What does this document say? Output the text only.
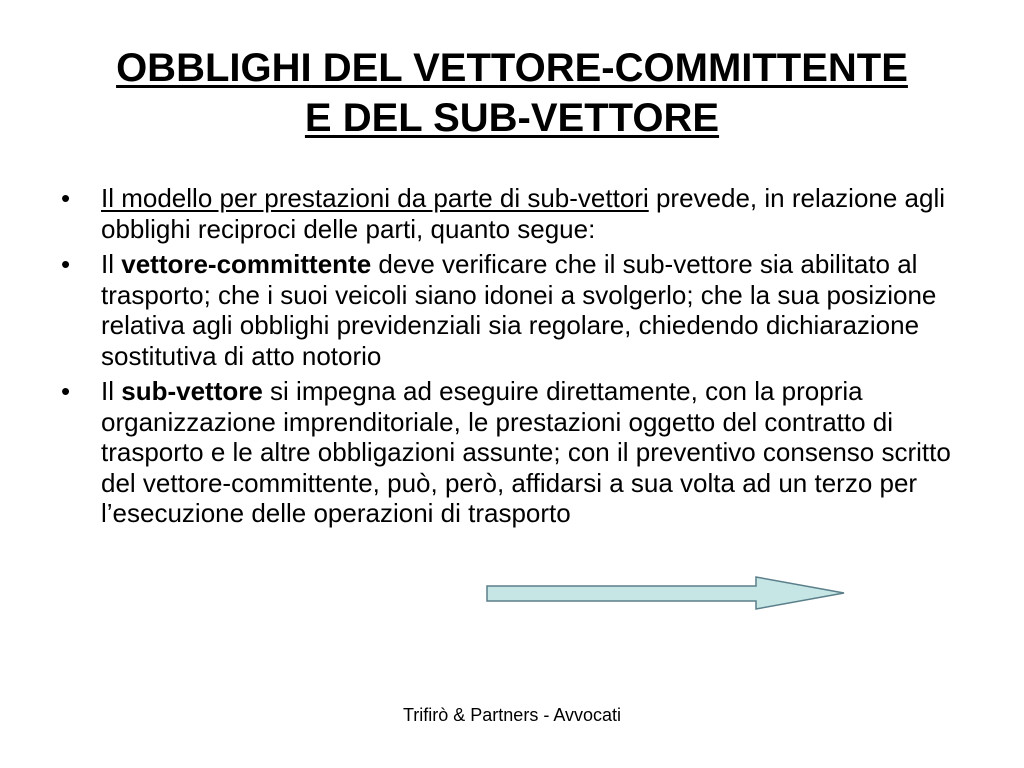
OBBLIGHI DEL VETTORE-COMMITTENTE
E DEL SUB-VETTORE
•	Il modello per prestazioni da parte di sub-vettori prevede, in relazione agli obblighi reciproci delle parti, quanto segue:
•	Il vettore-committente deve verificare che il sub-vettore sia abilitato al trasporto; che i suoi veicoli siano idonei a svolgerlo; che la sua posizione relativa agli obblighi previdenziali sia regolare, chiedendo dichiarazione sostitutiva di atto notorio
•	Il sub-vettore si impegna ad eseguire direttamente, con la propria organizzazione imprenditoriale, le prestazioni oggetto del contratto di trasporto e le altre obbligazioni assunte; con il preventivo consenso scritto del vettore-committente, può, però, affidarsi a sua volta ad un terzo per l’esecuzione delle operazioni di trasporto
Trifirò & Partners - Avvocati
